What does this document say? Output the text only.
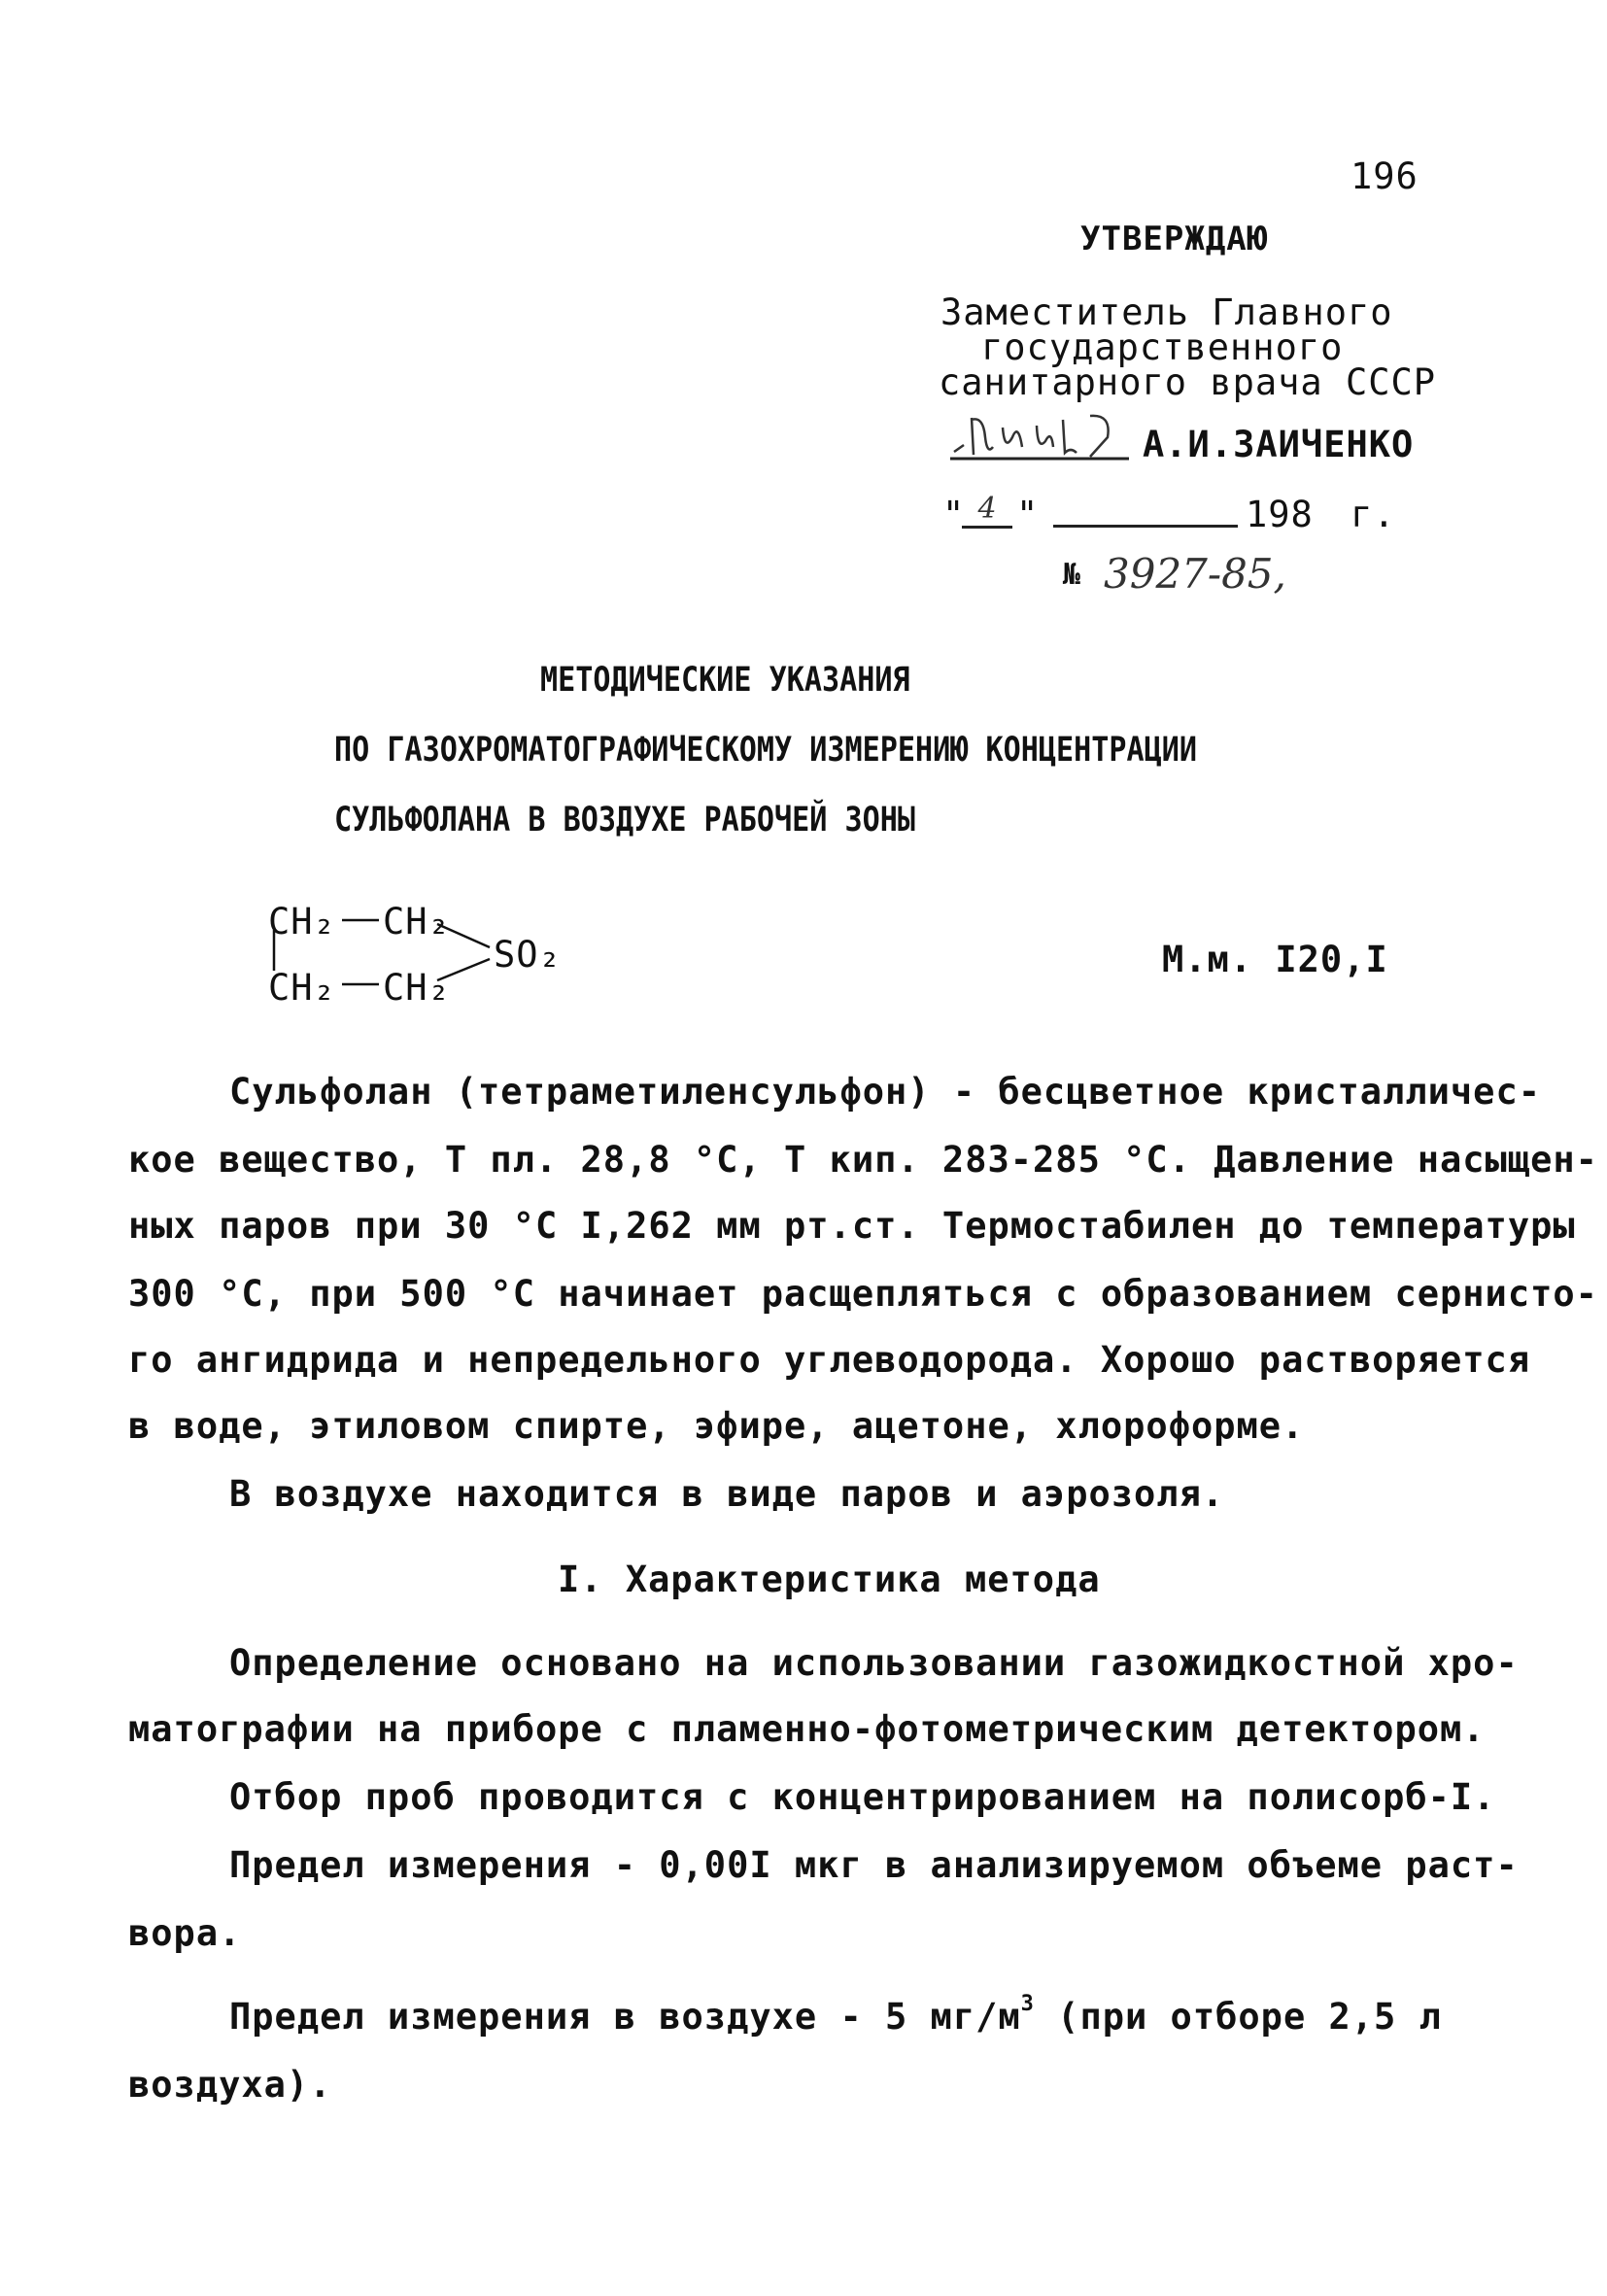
196
УТВЕРЖДАЮ
Заместитель Главного
государственного
санитарного врача СССР
А.И.ЗАИЧЕНКО
" 4 "	198 г.
№ 3927-85,
МЕТОДИЧЕСКИЕ УКАЗАНИЯ
ПО ГАЗОХРОМАТОГРАФИЧЕСКОМУ ИЗМЕРЕНИЮ КОНЦЕНТРАЦИИ
СУЛЬФОЛАНА В ВОЗДУХЕ РАБОЧЕЙ ЗОНЫ
CH₂ CH₂
CH₂ CH₂
SO₂	М.м. I20,I
Сульфолан (тетраметиленсульфон) - бесцветное кристалличес-
кое вещество, Т пл. 28,8 °С, Т кип. 283-285 °С. Давление насыщен-
ных паров при 30 °С I,262 мм рт.ст. Термостабилен до температуры
300 °С, при 500 °С начинает расщепляться с образованием сернисто-
го ангидрида и непредельного углеводорода. Хорошо растворяется
в воде, этиловом спирте, эфире, ацетоне, хлороформе.
В воздухе находится в виде паров и аэрозоля.
I. Характеристика метода
Определение основано на использовании газожидкостной хро-
матографии на приборе с пламенно-фотометрическим детектором.
Отбор проб проводится с концентрированием на полисорб-I.
Предел измерения - 0,00I мкг в анализируемом объеме раст-
вора.
Предел измерения в воздухе - 5 $мг/м^3$ (при отборе 2,5 л
воздуха).
